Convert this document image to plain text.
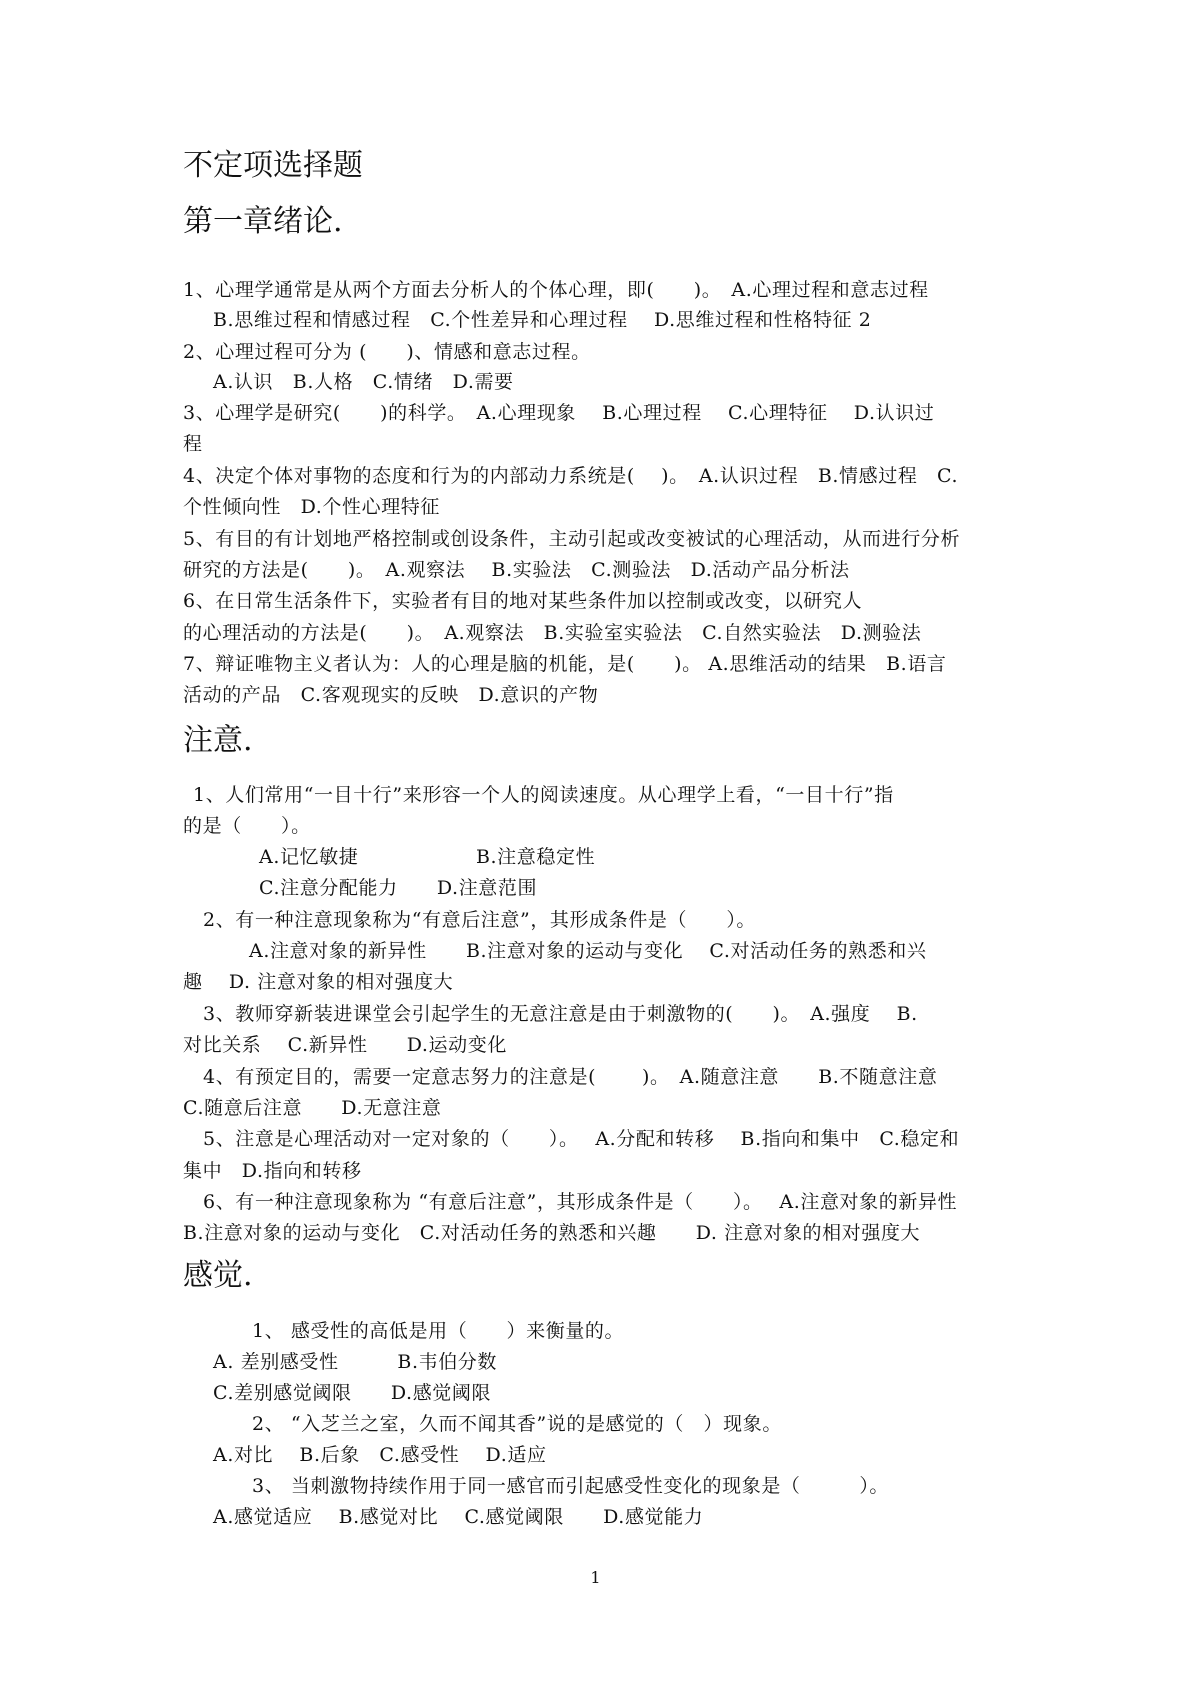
不定项选择题
第一章绪论.

1、心理学通常是从两个方面去分析人的个体心理，即(　　)。　A.心理过程和意志过程

B.思维过程和情感过程　C.个性差异和心理过程　 D.思维过程和性格特征 2

2、心理过程可分为 (　　)、情感和意志过程。

A.认识　B.人格　C.情绪　D.需要

3、心理学是研究(　　)的科学。　A.心理现象　 B.心理过程　 C.心理特征　 D.认识过

程

4、决定个体对事物的态度和行为的内部动力系统是(　 )。　A.认识过程　B.情感过程　C.

个性倾向性　D.个性心理特征

5、有目的有计划地严格控制或创设条件，主动引起或改变被试的心理活动，从而进行分析

研究的方法是(　　)。　A.观察法　 B.实验法　C.测验法　D.活动产品分析法

6、在日常生活条件下，实验者有目的地对某些条件加以控制或改变，以研究人

的心理活动的方法是(　　)。　A.观察法　B.实验室实验法　C.自然实验法　D.测验法

7、辩证唯物主义者认为：人的心理是脑的机能，是(　　)。 A.思维活动的结果　B.语言

活动的产品　C.客观现实的反映　D.意识的产物

注意.

1、人们常用“一目十行”来形容一个人的阅读速度。从心理学上看，“一目十行”指

的是（　　）。

A.记忆敏捷　　　　　　B.注意稳定性

C.注意分配能力　　D.注意范围

2、有一种注意现象称为“有意后注意”，其形成条件是（　　）。

A.注意对象的新异性　　B.注意对象的运动与变化　 C.对活动任务的熟悉和兴

趣　 D. 注意对象的相对强度大

3、教师穿新装进课堂会引起学生的无意注意是由于刺激物的(　　)。　A.强度　 B.

对比关系　 C.新异性　　D.运动变化

4、有预定目的，需要一定意志努力的注意是(　　 )。　A.随意注意　　B.不随意注意

C.随意后注意　　D.无意注意

5、注意是心理活动对一定对象的（　　）。　 A.分配和转移　 B.指向和集中　C.稳定和

集中　D.指向和转移

6、有一种注意现象称为 “有意后注意”，其形成条件是（　　）。　 A.注意对象的新异性

B.注意对象的运动与变化　C.对活动任务的熟悉和兴趣　　D. 注意对象的相对强度大

感觉.

1、 感受性的高低是用（　　）来衡量的。

A. 差别感受性　　　B.韦伯分数

C.差别感觉阈限　　D.感觉阈限

2、 “入芝兰之室，久而不闻其香”说的是感觉的（　）现象。

A.对比　 B.后象　C.感受性　 D.适应

3、 当刺激物持续作用于同一感官而引起感受性变化的现象是（　　　）。

A.感觉适应　 B.感觉对比　 C.感觉阈限　　D.感觉能力

1
